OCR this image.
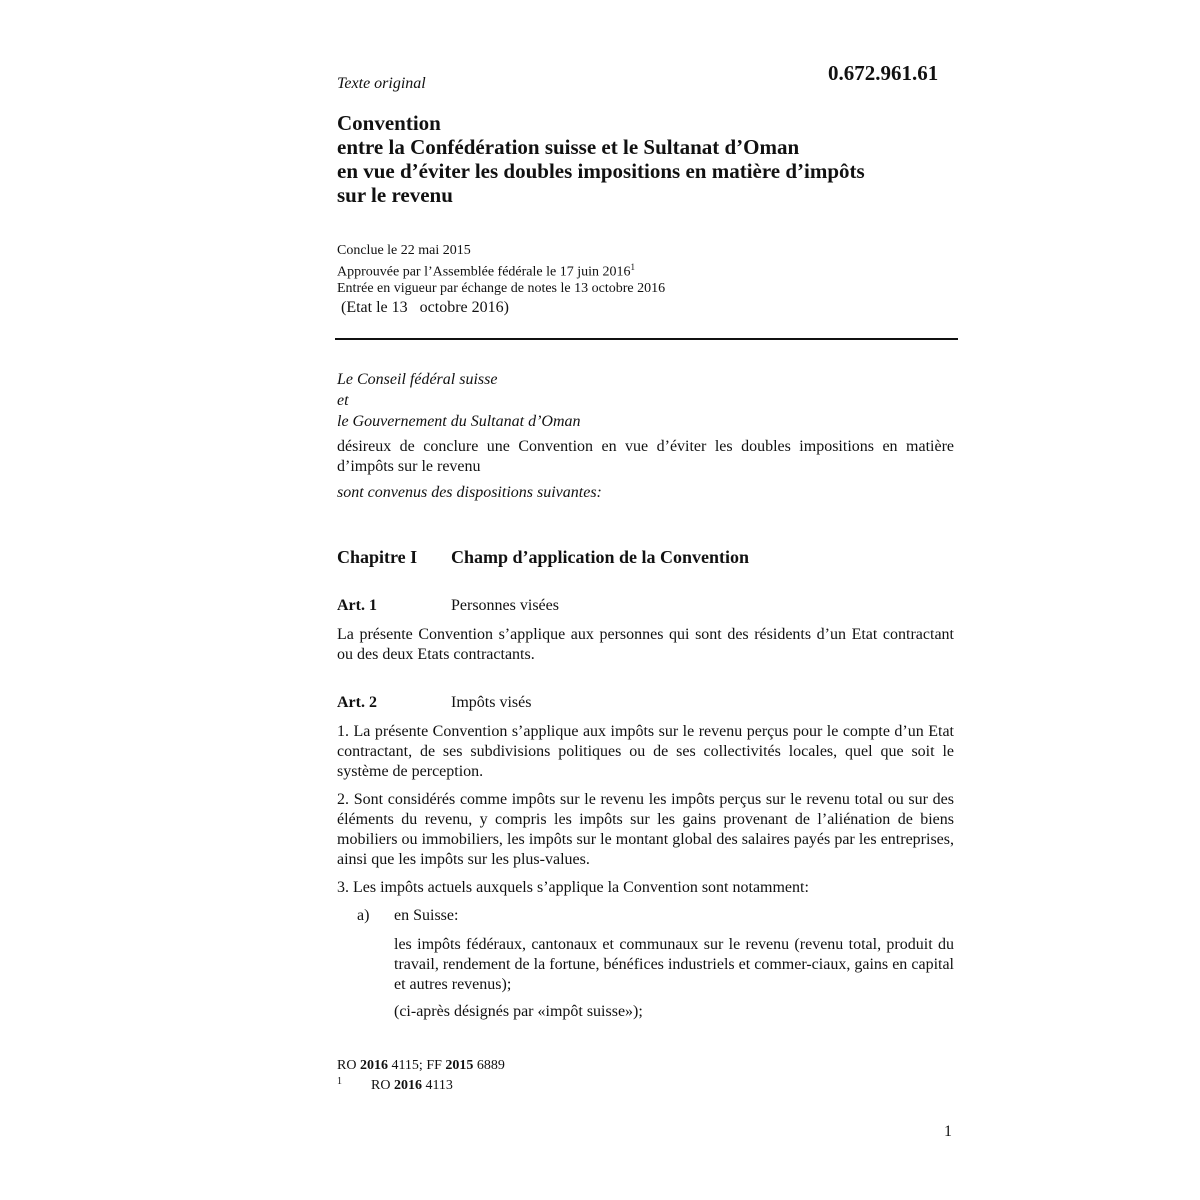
Texte original	0.672.961.61
Convention
entre la Confédération suisse et le Sultanat d’Oman
en vue d’éviter les doubles impositions en matière d’impôts
sur le revenu
Conclue le 22 mai 2015
Approuvée par l’Assemblée fédérale le 17 juin 2016$^1$
Entrée en vigueur par échange de notes le 13 octobre 2016
(Etat le 13   octobre 2016)
Le Conseil fédéral suisse
et
le Gouvernement du Sultanat d’Oman

désireux de conclure une Convention en vue d’éviter les doubles impositions en matière d’impôts sur le revenu

sont convenus des dispositions suivantes:
Chapitre I Champ d’application de la Convention
Art. 1	Personnes visées

La présente Convention s’applique aux personnes qui sont des résidents d’un Etat contractant ou des deux Etats contractants.

Art. 2	Impôts visés

1. La présente Convention s’applique aux impôts sur le revenu perçus pour le compte d’un Etat contractant, de ses subdivisions politiques ou de ses collectivités locales, quel que soit le système de perception.

2. Sont considérés comme impôts sur le revenu les impôts perçus sur le revenu total ou sur des éléments du revenu, y compris les impôts sur les gains provenant de l’aliénation de biens mobiliers ou immobiliers, les impôts sur le montant global des salaires payés par les entreprises, ainsi que les impôts sur les plus-values.

3. Les impôts actuels auxquels s’applique la Convention sont notamment:
a) en Suisse:

les impôts fédéraux, cantonaux et communaux sur le revenu (revenu total, produit du travail, rendement de la fortune, bénéfices industriels et commer-ciaux, gains en capital et autres revenus);

(ci-après désignés par «impôt suisse»);
RO 2016 4115; FF 2015 6889
1 RO 2016 4113
1
